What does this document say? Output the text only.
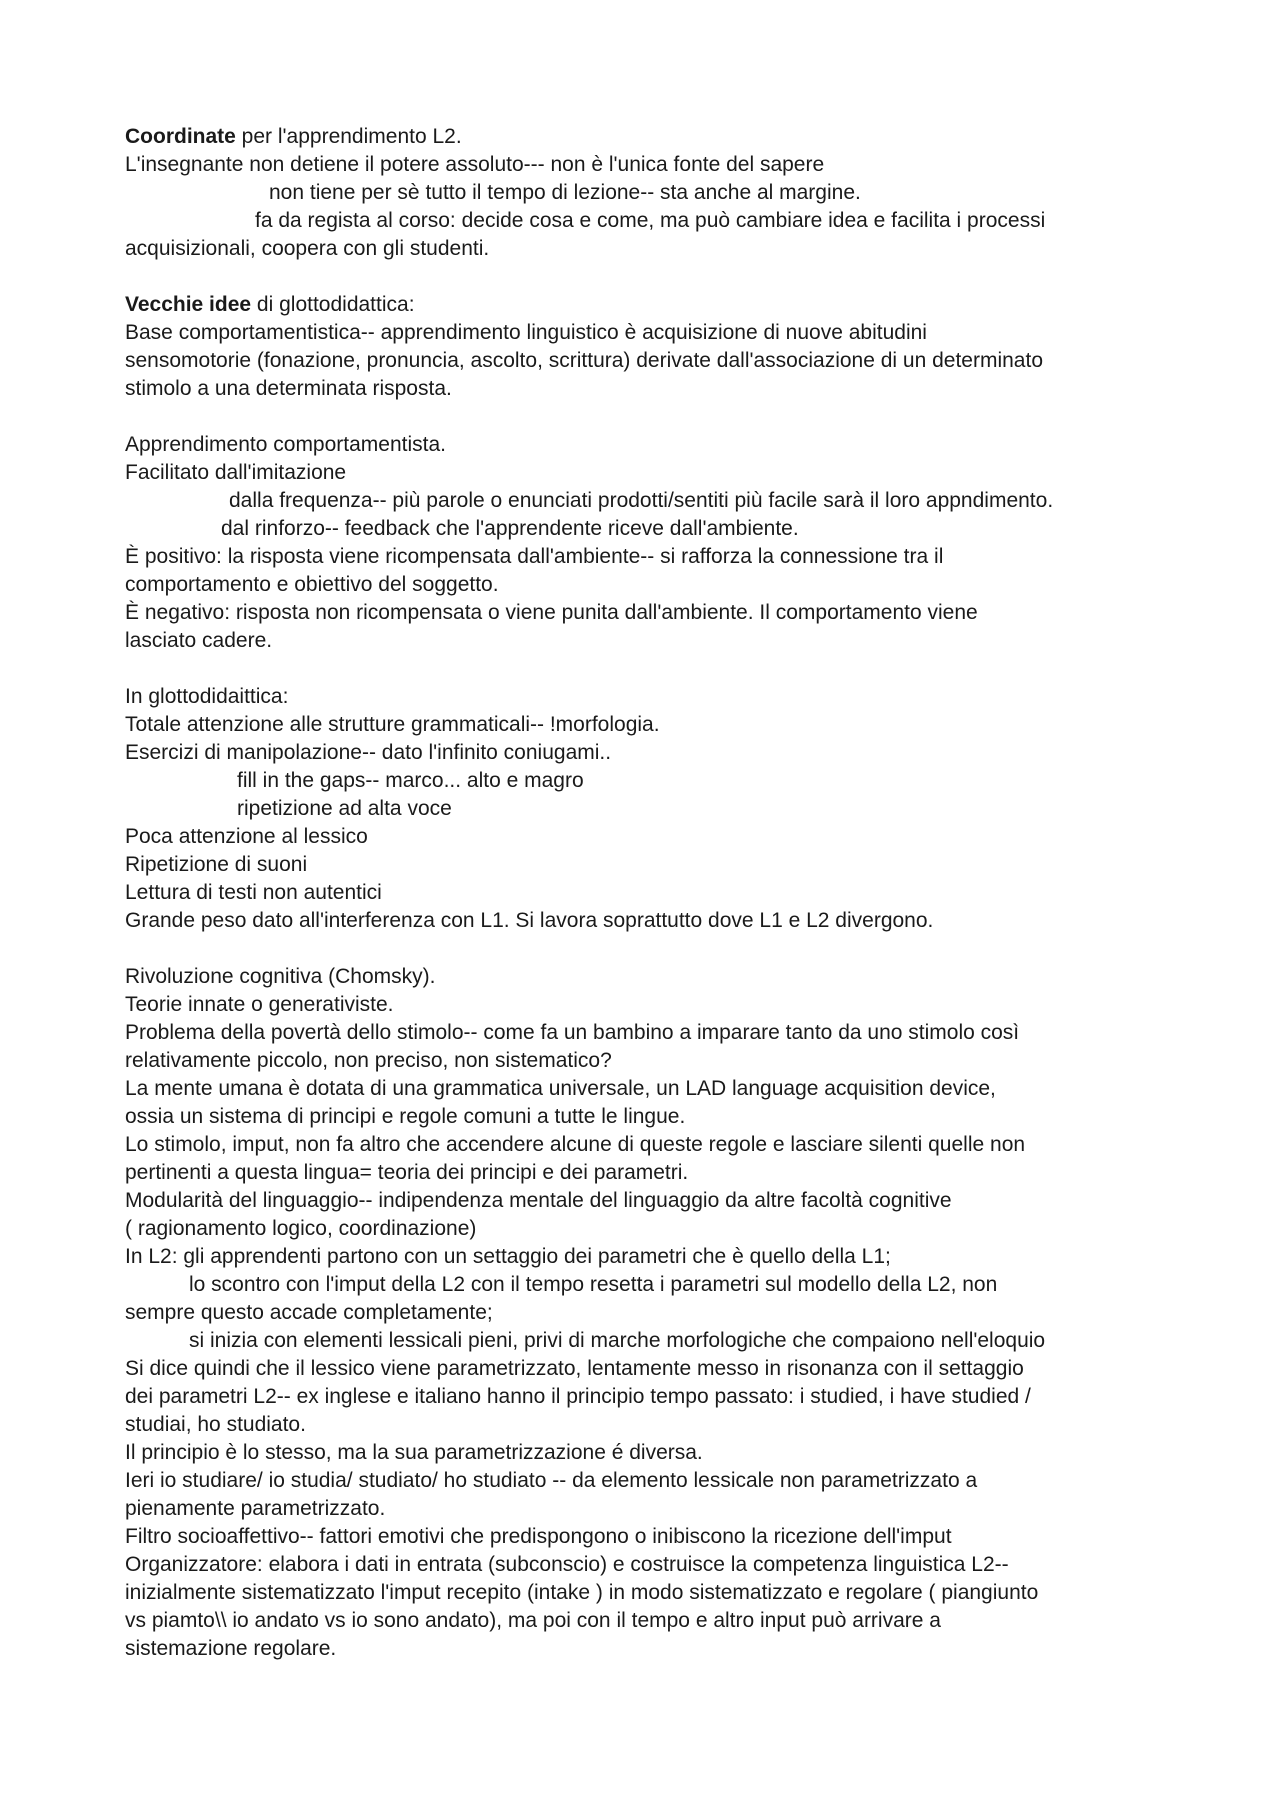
Coordinate per l'apprendimento L2.
L'insegnante non detiene il potere assoluto--- non è l'unica fonte del sapere
non tiene per sè tutto il tempo di lezione-- sta anche al margine.
fa da regista al corso: decide cosa e come, ma può cambiare idea e facilita i processi
acquisizionali, coopera con gli studenti.
Vecchie idee di glottodidattica:
Base comportamentistica-- apprendimento linguistico è acquisizione di nuove abitudini
sensomotorie (fonazione, pronuncia, ascolto, scrittura) derivate dall'associazione di un determinato
stimolo a una determinata risposta.
Apprendimento comportamentista.
Facilitato dall'imitazione
dalla frequenza-- più parole o enunciati prodotti/sentiti più facile sarà il loro appndimento.
dal rinforzo-- feedback che l'apprendente riceve dall'ambiente.
È positivo: la risposta viene ricompensata dall'ambiente-- si rafforza la connessione tra il
comportamento e obiettivo del soggetto.
È negativo: risposta non ricompensata o viene punita dall'ambiente. Il comportamento viene
lasciato cadere.
In glottodidaittica:
Totale attenzione alle strutture grammaticali-- !morfologia.
Esercizi di manipolazione-- dato l'infinito coniugami..
fill in the gaps-- marco... alto e magro
ripetizione ad alta voce
Poca attenzione al lessico
Ripetizione di suoni
Lettura di testi non autentici
Grande peso dato all'interferenza con L1. Si lavora soprattutto dove L1 e L2 divergono.
Rivoluzione cognitiva (Chomsky).
Teorie innate o generativiste.
Problema della povertà dello stimolo-- come fa un bambino a imparare tanto da uno stimolo così
relativamente piccolo, non preciso, non sistematico?
La mente umana è dotata di una grammatica universale, un LAD language acquisition device,
ossia un sistema di principi e regole comuni a tutte le lingue.
Lo stimolo, imput, non fa altro che accendere alcune di queste regole e lasciare silenti quelle non
pertinenti a questa lingua= teoria dei principi e dei parametri.
Modularità del linguaggio-- indipendenza mentale del linguaggio da altre facoltà cognitive
( ragionamento logico, coordinazione)
In L2: gli apprendenti partono con un settaggio dei parametri che è quello della L1;
lo scontro con l'imput della L2 con il tempo resetta i parametri sul modello della L2, non
sempre questo accade completamente;
si inizia con elementi lessicali pieni, privi di marche morfologiche che compaiono nell'eloquio
Si dice quindi che il lessico viene parametrizzato, lentamente messo in risonanza con il settaggio
dei parametri L2-- ex inglese e italiano hanno il principio tempo passato: i studied, i have studied /
studiai, ho studiato.
Il principio è lo stesso, ma la sua parametrizzazione é diversa.
Ieri io studiare/ io studia/ studiato/ ho studiato -- da elemento lessicale non parametrizzato a
pienamente parametrizzato.
Filtro socioaffettivo-- fattori emotivi che predispongono o inibiscono la ricezione dell'imput
Organizzatore: elabora i dati in entrata (subconscio) e costruisce la competenza linguistica L2--
inizialmente sistematizzato l'imput recepito (intake ) in modo sistematizzato e regolare ( piangiunto
vs piamto\\ io andato vs io sono andato), ma poi con il tempo e altro input può arrivare a
sistemazione regolare.
